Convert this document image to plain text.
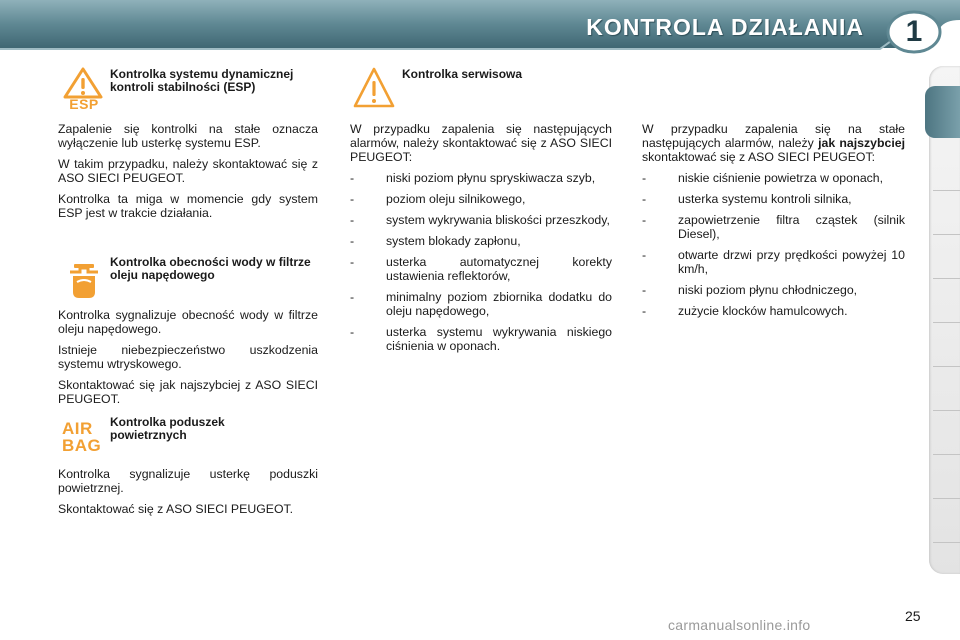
KONTROLA DZIAŁANIA	1
ESP
Kontrolka systemu dynamicznej kontroli stabilności (ESP)

Zapalenie się kontrolki na stałe oznacza wyłączenie lub usterkę systemu ESP.

W takim przypadku, należy skontaktować się z ASO SIECI PEUGEOT.

Kontrolka ta miga w momencie gdy system ESP jest w trakcie działania.

Kontrolka obecności wody w filtrze oleju napędowego

Kontrolka sygnalizuje obecność wody w filtrze oleju napędowego.

Istnieje niebezpieczeństwo uszkodzenia systemu wtryskowego.

Skontaktować się jak najszybciej z ASO SIECI PEUGEOT.

AIR
BAG
Kontrolka poduszek powietrznych

Kontrolka sygnalizuje usterkę poduszki powietrznej.

Skontaktować się z ASO SIECI PEUGEOT.

Kontrolka serwisowa

W przypadku zapalenia się następujących alarmów, należy skontaktować się z ASO SIECI PEUGEOT:

- niski poziom płynu spryskiwacza szyb,
- poziom oleju silnikowego,
- system wykrywania bliskości przeszkody,
- system blokady zapłonu,
- usterka automatycznej korekty ustawienia reflektorów,
- minimalny poziom zbiornika dodatku do oleju napędowego,
- usterka systemu wykrywania niskiego ciśnienia w oponach.

W przypadku zapalenia się na stałe następujących alarmów, należy jak najszybciej skontaktować się z ASO SIECI PEUGEOT:

- niskie ciśnienie powietrza w oponach,
- usterka systemu kontroli silnika,
- zapowietrzenie filtra cząstek (silnik Diesel),
- otwarte drzwi przy prędkości powyżej 10 km/h,
- niski poziom płynu chłodniczego,
- zużycie klocków hamulcowych.
25
carmanualsonline.info
